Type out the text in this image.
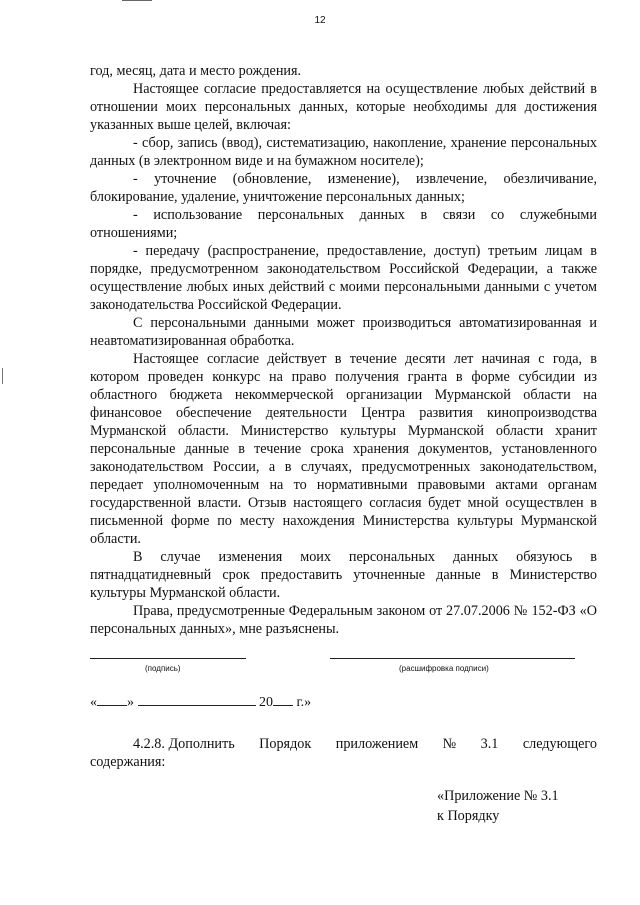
12

год, месяц, дата и место рождения.

Настоящее согласие предоставляется на осуществление любых действий в отношении моих персональных данных, которые необходимы для достижения указанных выше целей, включая:

- сбор, запись (ввод), систематизацию, накопление, хранение персональных данных (в электронном виде и на бумажном носителе);

- уточнение (обновление, изменение), извлечение, обезличивание, блокирование, удаление, уничтожение персональных данных;

- использование персональных данных в связи со служебными отношениями;

- передачу (распространение, предоставление, доступ) третьим лицам в порядке, предусмотренном законодательством Российской Федерации, а также осуществление любых иных действий с моими персональными данными с учетом законодательства Российской Федерации.

С персональными данными может производиться автоматизированная и неавтоматизированная обработка.

Настоящее согласие действует в течение десяти лет начиная с года, в котором проведен конкурс на право получения гранта в форме субсидии из областного бюджета некоммерческой организации Мурманской области на финансовое обеспечение деятельности Центра развития кинопроизводства Мурманской области. Министерство культуры Мурманской области хранит персональные данные в течение срока хранения документов, установленного законодательством России, а в случаях, предусмотренных законодательством, передает уполномоченным на то нормативными правовыми актами органам государственной власти. Отзыв настоящего согласия будет мной осуществлен в письменной форме по месту нахождения Министерства культуры Мурманской области.

В случае изменения моих персональных данных обязуюсь в пятнадцатидневный срок предоставить уточненные данные в Министерство культуры Мурманской области.

Права, предусмотренные Федеральным законом от 27.07.2006 № 152-ФЗ «О персональных данных», мне разъяснены.

(подпись)	(расшифровка подписи)
« »	20 г.»
4.2.8. Дополнить Порядок приложением № 3.1 следующего
содержания:
«Приложение № 3.1
к Порядку
